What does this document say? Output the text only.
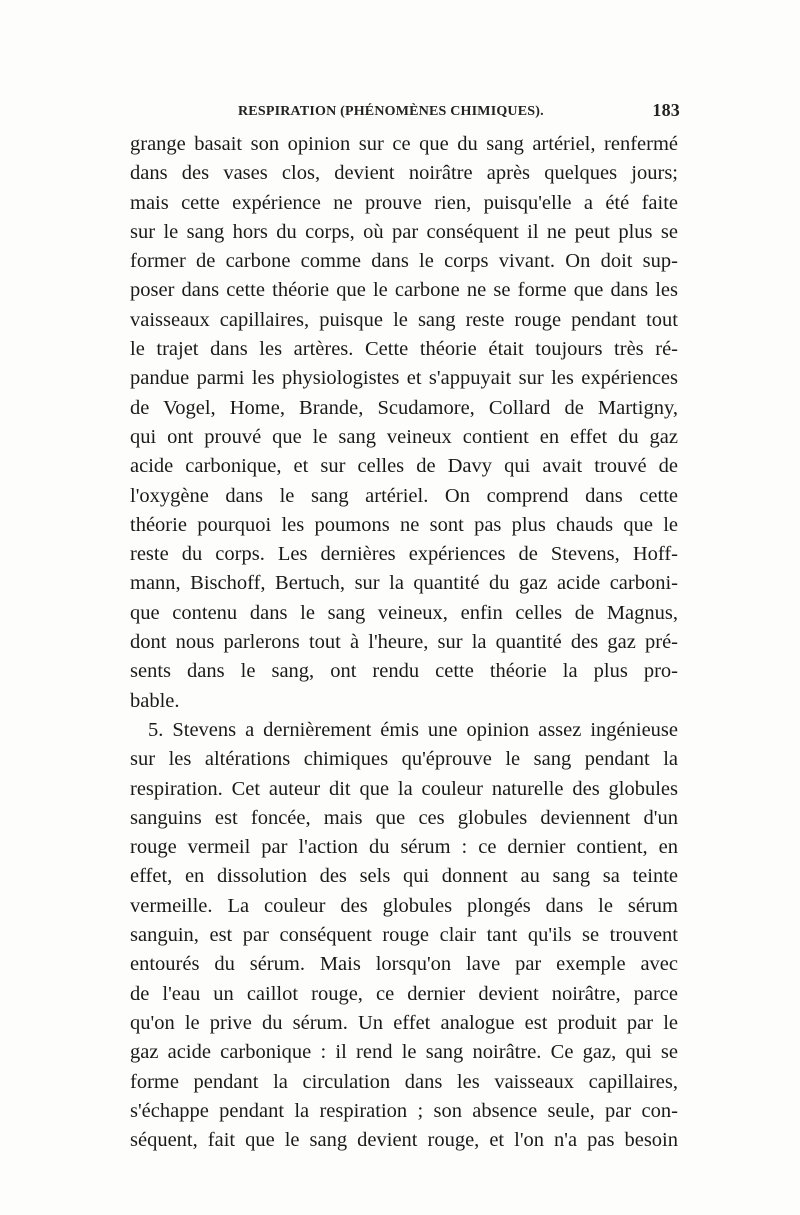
RESPIRATION (PHÉNOMÈNES CHIMIQUES).	183
grange basait son opinion sur ce que du sang artériel, renfermé
dans des vases clos, devient noirâtre après quelques jours;
mais cette expérience ne prouve rien, puisqu'elle a été faite
sur le sang hors du corps, où par conséquent il ne peut plus se
former de carbone comme dans le corps vivant. On doit sup-
poser dans cette théorie que le carbone ne se forme que dans les
vaisseaux capillaires, puisque le sang reste rouge pendant tout
le trajet dans les artères. Cette théorie était toujours très ré-
pandue parmi les physiologistes et s'appuyait sur les expériences
de Vogel, Home, Brande, Scudamore, Collard de Martigny,
qui ont prouvé que le sang veineux contient en effet du gaz
acide carbonique, et sur celles de Davy qui avait trouvé de
l'oxygène dans le sang artériel. On comprend dans cette
théorie pourquoi les poumons ne sont pas plus chauds que le
reste du corps. Les dernières expériences de Stevens, Hoff-
mann, Bischoff, Bertuch, sur la quantité du gaz acide carboni-
que contenu dans le sang veineux, enfin celles de Magnus,
dont nous parlerons tout à l'heure, sur la quantité des gaz pré-
sents dans le sang, ont rendu cette théorie la plus pro-
bable.
5. Stevens a dernièrement émis une opinion assez ingénieuse
sur les altérations chimiques qu'éprouve le sang pendant la
respiration. Cet auteur dit que la couleur naturelle des globules
sanguins est foncée, mais que ces globules deviennent d'un
rouge vermeil par l'action du sérum : ce dernier contient, en
effet, en dissolution des sels qui donnent au sang sa teinte
vermeille. La couleur des globules plongés dans le sérum
sanguin, est par conséquent rouge clair tant qu'ils se trouvent
entourés du sérum. Mais lorsqu'on lave par exemple avec
de l'eau un caillot rouge, ce dernier devient noirâtre, parce
qu'on le prive du sérum. Un effet analogue est produit par le
gaz acide carbonique : il rend le sang noirâtre. Ce gaz, qui se
forme pendant la circulation dans les vaisseaux capillaires,
s'échappe pendant la respiration ; son absence seule, par con-
séquent, fait que le sang devient rouge, et l'on n'a pas besoin
